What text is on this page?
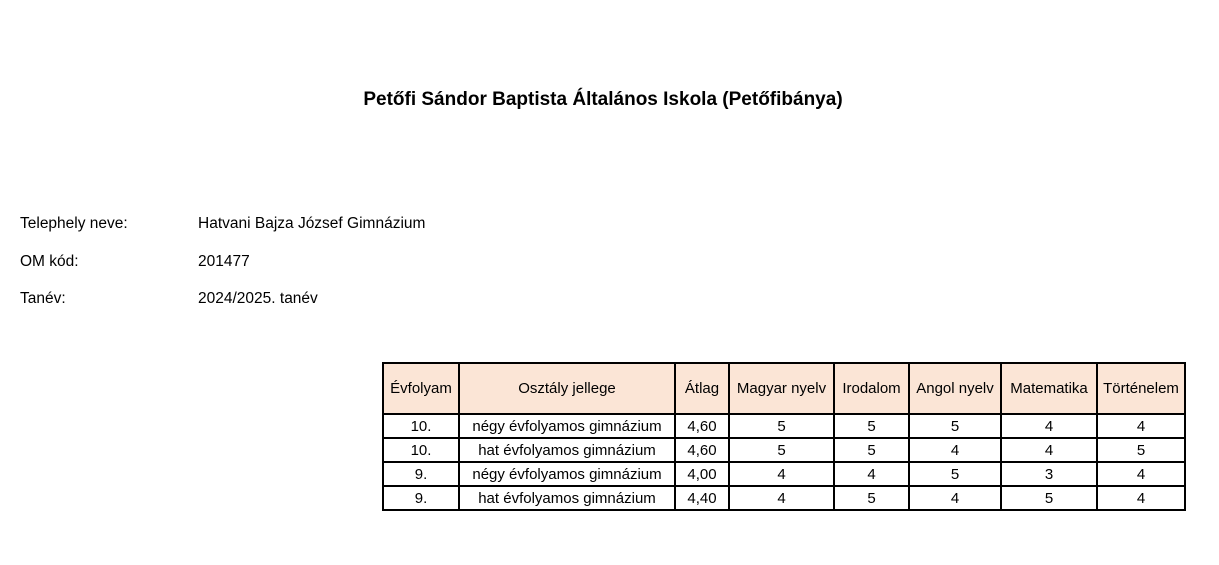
Petőfi Sándor Baptista Általános Iskola (Petőfibánya)
Telephely neve:	Hatvani Bajza József Gimnázium
OM kód:	201477
Tanév:	2024/2025. tanév
Évfolyam	Osztály jellege	Átlag	Magyar nyelv	Irodalom	Angol nyelv	Matematika	Történelem
10.	négy évfolyamos gimnázium	4,60	5	5	5	4	4
10.	hat évfolyamos gimnázium	4,60	5	5	4	4	5
9.	négy évfolyamos gimnázium	4,00	4	4	5	3	4
9.	hat évfolyamos gimnázium	4,40	4	5	4	5	4
